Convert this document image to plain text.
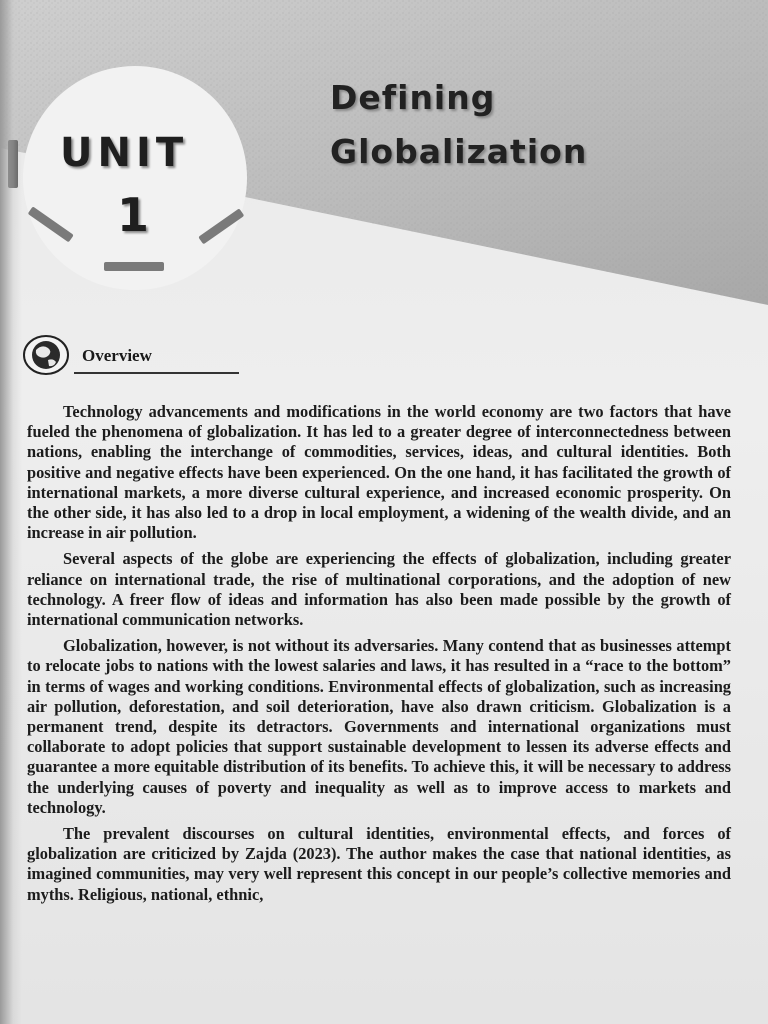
UNIT
1
Defining
Globalization
Overview

Technology advancements and modifications in the world economy are two factors that have fueled the phenomena of globalization. It has led to a greater degree of interconnectedness between nations, enabling the interchange of commodities, services, ideas, and cultural identities. Both positive and negative effects have been experienced. On the one hand, it has facilitated the growth of international markets, a more diverse cultural experience, and increased economic prosperity. On the other side, it has also led to a drop in local employment, a widening of the wealth divide, and an increase in air pollution.

Several aspects of the globe are experiencing the effects of globalization, including greater reliance on international trade, the rise of multinational corporations, and the adoption of new technology. A freer flow of ideas and information has also been made possible by the growth of international communication networks.

Globalization, however, is not without its adversaries. Many contend that as businesses attempt to relocate jobs to nations with the lowest salaries and laws, it has resulted in a “race to the bottom” in terms of wages and working conditions. Environmental effects of globalization, such as increasing air pollution, deforestation, and soil deterioration, have also drawn criticism. Globalization is a permanent trend, despite its detractors. Governments and international organizations must collaborate to adopt policies that support sustainable development to lessen its adverse effects and guarantee a more equitable distribution of its benefits. To achieve this, it will be necessary to address the underlying causes of poverty and inequality as well as to improve access to markets and technology.

The prevalent discourses on cultural identities, environmental effects, and forces of globalization are criticized by Zajda (2023). The author makes the case that national identities, as imagined communities, may very well represent this concept in our people’s collective memories and myths. Religious, national, ethnic,
